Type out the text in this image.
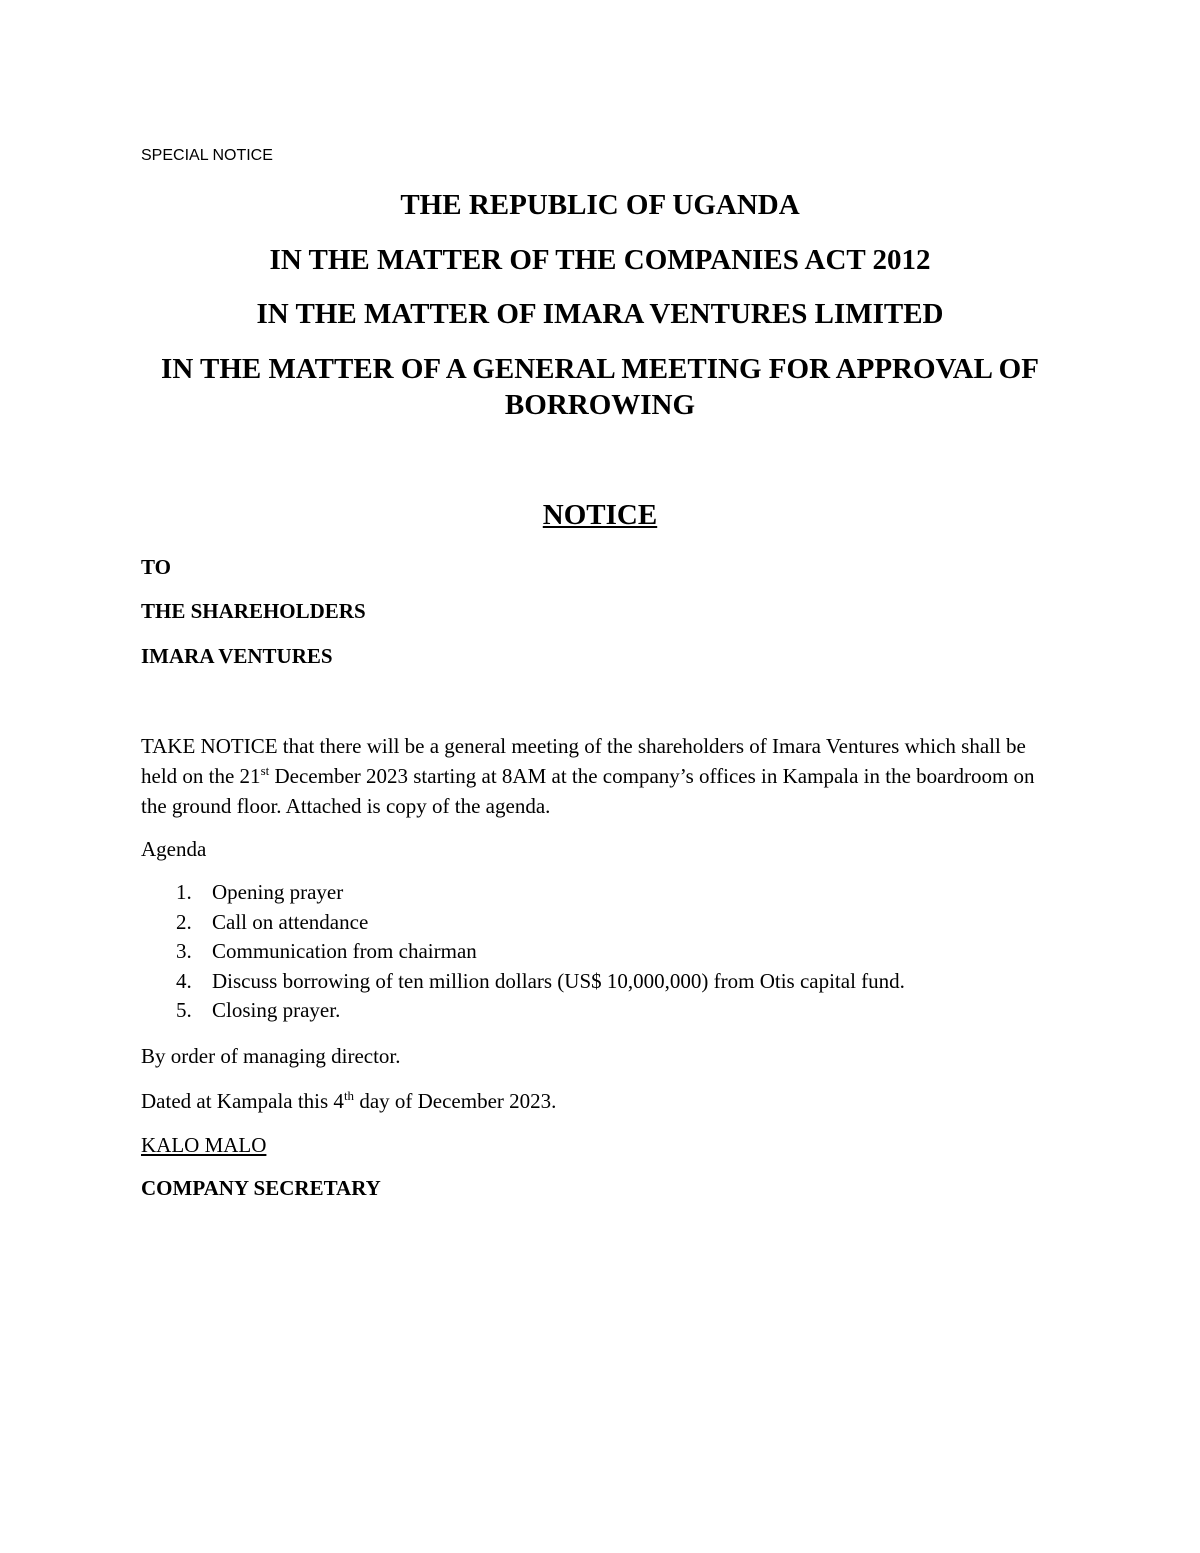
SPECIAL NOTICE

THE REPUBLIC OF UGANDA

IN THE MATTER OF THE COMPANIES ACT 2012

IN THE MATTER OF IMARA VENTURES LIMITED

IN THE MATTER OF A GENERAL MEETING FOR APPROVAL OF BORROWING

NOTICE

TO

THE SHAREHOLDERS

IMARA VENTURES

TAKE NOTICE that there will be a general meeting of the shareholders of Imara Ventures which shall be held on the 21st December 2023 starting at 8AM at the company’s offices in Kampala in the boardroom on the ground floor. Attached is copy of the agenda.

Agenda

1. Opening prayer
2. Call on attendance
3. Communication from chairman
4. Discuss borrowing of ten million dollars (US$ 10,000,000) from Otis capital fund.
5. Closing prayer.

By order of managing director.

Dated at Kampala this 4th day of December 2023.

KALO MALO

COMPANY SECRETARY
